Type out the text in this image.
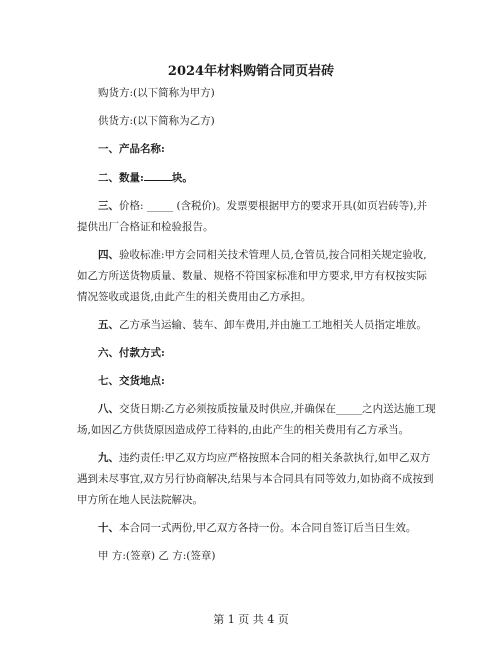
2024年材料购销合同页岩砖

购货方:(以下简称为甲方)

供货方:(以下简称为乙方)

一、产品名称:

二、数量:	块。

三、价格: _____ (含税价)。发票要根据甲方的要求开具(如页岩砖等),并提供出厂合格证和检验报告。

四、验收标准:甲方会同相关技术管理人员,仓管员,按合同相关规定验收,如乙方所送货物质量、数量、规格不符国家标准和甲方要求,甲方有权按实际情况签收或退货,由此产生的相关费用由乙方承担。

五、乙方承当运输、装车、卸车费用,并由施工工地相关人员指定堆放。

六、付款方式:

七、交货地点:

八、交货日期:乙方必须按质按量及时供应,并确保在_____之内送达施工现场,如因乙方供货原因造成停工待料的,由此产生的相关费用有乙方承当。

九、违约责任:甲乙双方均应严格按照本合同的相关条款执行,如甲乙双方遇到未尽事宜,双方另行协商解决,结果与本合同具有同等效力,如协商不成按到甲方所在地人民法院解决。

十、本合同一式两份,甲乙双方各持一份。本合同自签订后当日生效。

甲 方:(签章) 乙 方:(签章)

第 1 页 共 4 页
